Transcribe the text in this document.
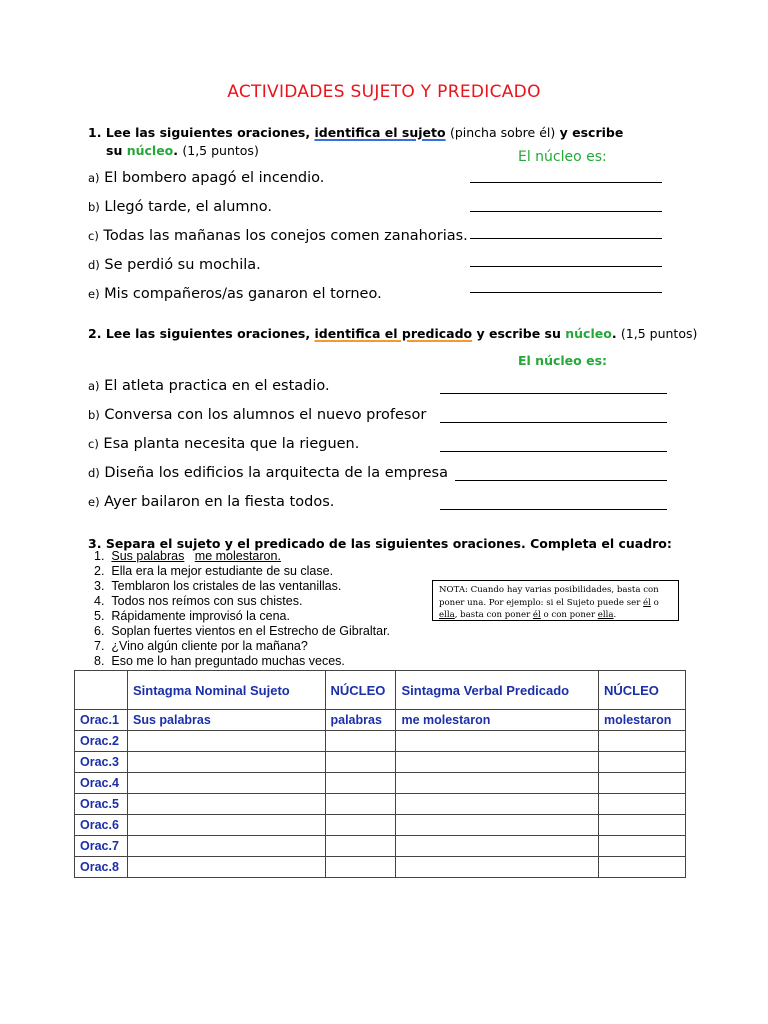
ACTIVIDADES SUJETO Y PREDICADO
1. Lee las siguientes oraciones, identifica el sujeto (pincha sobre él) y escribe
su núcleo. (1,5 puntos)	El núcleo es:
a) El bombero apagó el incendio.
b) Llegó tarde, el alumno.
c) Todas las mañanas los conejos comen zanahorias.
d) Se perdió su mochila.
e) Mis compañeros/as ganaron el torneo.
2. Lee las siguientes oraciones, identifica el predicado y escribe su núcleo. (1,5 puntos)
El núcleo es:
a) El atleta practica en el estadio.
b) Conversa con los alumnos el nuevo profesor
c) Esa planta necesita que la rieguen.
d) Diseña los edificios la arquitecta de la empresa
e) Ayer bailaron en la fiesta todos.
3. Separa el sujeto y el predicado de las siguientes oraciones. Completa el cuadro:
1. Sus palabras me molestaron.
2. Ella era la mejor estudiante de su clase.
3. Temblaron los cristales de las ventanillas.
4. Todos nos reímos con sus chistes.
5. Rápidamente improvisó la cena.
6. Soplan fuertes vientos en el Estrecho de Gibraltar.
7. ¿Vino algún cliente por la mañana?
8. Eso me lo han preguntado muchas veces.
NOTA: Cuando hay varias posibilidades, basta con poner una. Por ejemplo: si el Sujeto puede ser él o ella, basta con poner él o con poner ella.
	Sintagma Nominal Sujeto	NÚCLEO	Sintagma Verbal Predicado	NÚCLEO
Orac.1	Sus palabras	palabras	me molestaron	molestaron
Orac.2				
Orac.3				
Orac.4				
Orac.5				
Orac.6				
Orac.7				
Orac.8				
